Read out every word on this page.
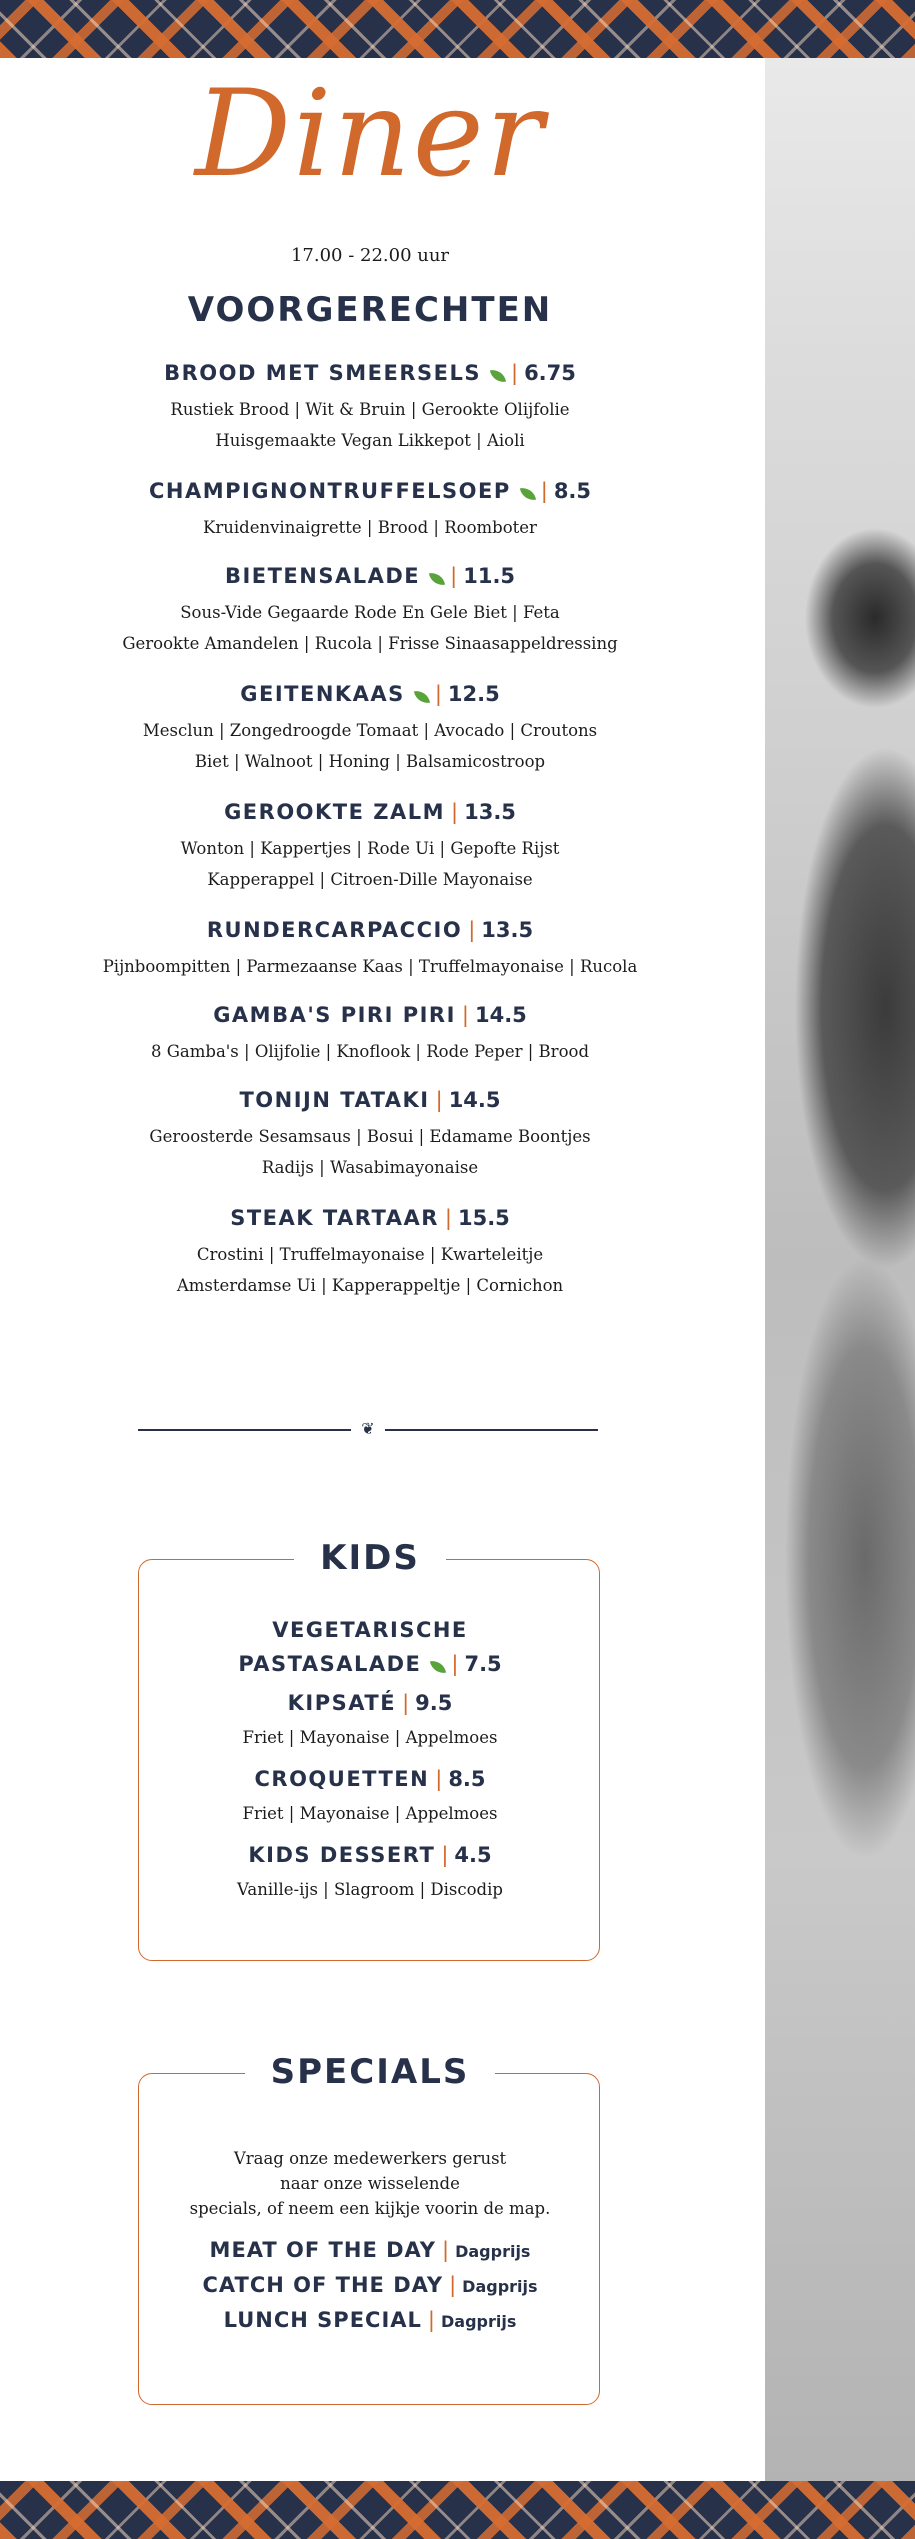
Diner
17.00 - 22.00 uur
VOORGERECHTEN
BROOD MET SMEERSELS | 6.75
Rustiek Brood | Wit & Bruin | Gerookte Olijfolie
Huisgemaakte Vegan Likkepot | Aioli
CHAMPIGNONTRUFFELSOEP | 8.5
Kruidenvinaigrette | Brood | Roomboter
BIETENSALADE | 11.5
Sous-Vide Gegaarde Rode En Gele Biet | Feta
Gerookte Amandelen | Rucola | Frisse Sinaasappeldressing
GEITENKAAS | 12.5
Mesclun | Zongedroogde Tomaat | Avocado | Croutons
Biet | Walnoot | Honing | Balsamicostroop
GEROOKTE ZALM | 13.5
Wonton | Kappertjes | Rode Ui | Gepofte Rijst
Kapperappel | Citroen-Dille Mayonaise
RUNDERCARPACCIO | 13.5
Pijnboompitten | Parmezaanse Kaas | Truffelmayonaise | Rucola
GAMBA'S PIRI PIRI | 14.5
8 Gamba's | Olijfolie | Knoflook | Rode Peper | Brood
TONIJN TATAKI | 14.5
Geroosterde Sesamsaus | Bosui | Edamame Boontjes
Radijs | Wasabimayonaise
STEAK TARTAAR | 15.5
Crostini | Truffelmayonaise | Kwarteleitje
Amsterdamse Ui | Kapperappeltje | Cornichon
❦
KIDS
VEGETARISCHE
PASTASALADE | 7.5
KIPSATÉ | 9.5
Friet | Mayonaise | Appelmoes
CROQUETTEN | 8.5
Friet | Mayonaise | Appelmoes
KIDS DESSERT | 4.5
Vanille-ijs | Slagroom | Discodip
SPECIALS
Vraag onze medewerkers gerust
naar onze wisselende
specials, of neem een kijkje voorin de map.
MEAT OF THE DAY | Dagprijs
CATCH OF THE DAY | Dagprijs
LUNCH SPECIAL | Dagprijs
